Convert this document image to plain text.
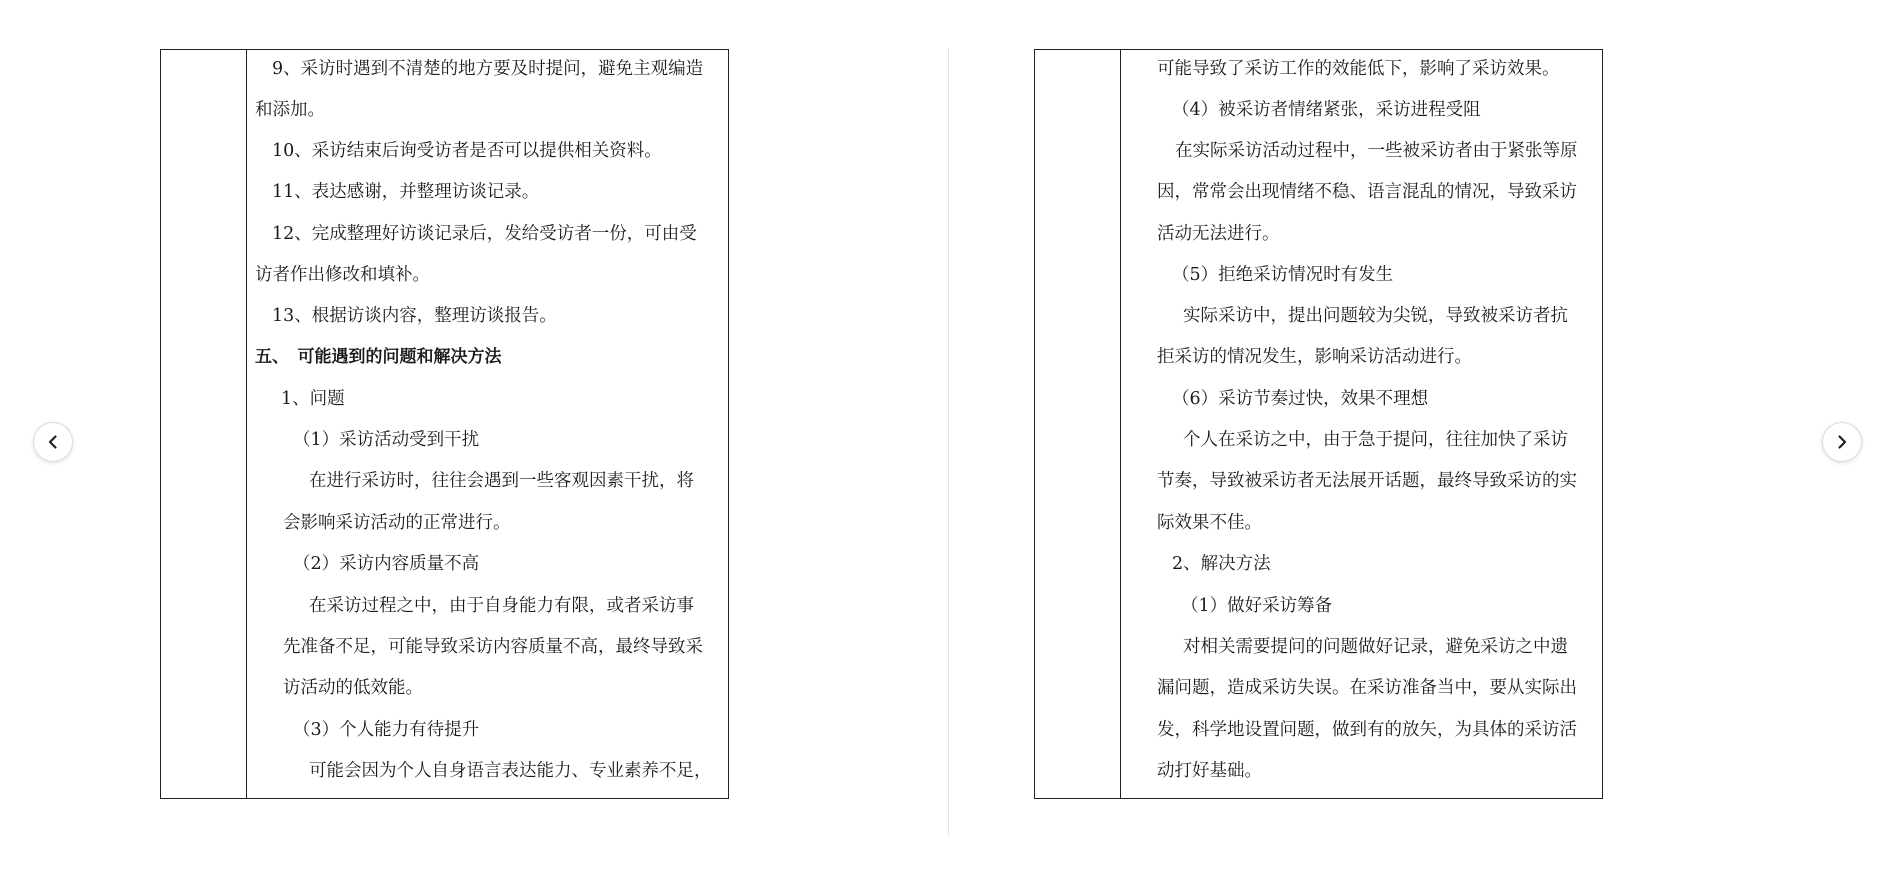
9、采访时遇到不清楚的地方要及时提问，避免主观编造
和添加。
10、采访结束后询受访者是否可以提供相关资料。
11、表达感谢，并整理访谈记录。
12、完成整理好访谈记录后，发给受访者一份，可由受
访者作出修改和填补。
13、根据访谈内容，整理访谈报告。
五、　可能遇到的问题和解决方法
1、问题
（1）采访活动受到干扰
在进行采访时，往往会遇到一些客观因素干扰，将
会影响采访活动的正常进行。
（2）采访内容质量不高
在采访过程之中，由于自身能力有限，或者采访事
先准备不足，可能导致采访内容质量不高，最终导致采
访活动的低效能。
（3）个人能力有待提升
可能会因为个人自身语言表达能力、专业素养不足，
可能导致了采访工作的效能低下，影响了采访效果。
（4）被采访者情绪紧张，采访进程受阻
在实际采访活动过程中，一些被采访者由于紧张等原
因，常常会出现情绪不稳、语言混乱的情况，导致采访
活动无法进行。
（5）拒绝采访情况时有发生
实际采访中，提出问题较为尖锐，导致被采访者抗
拒采访的情况发生，影响采访活动进行。
（6）采访节奏过快，效果不理想
个人在采访之中，由于急于提问，往往加快了采访
节奏，导致被采访者无法展开话题，最终导致采访的实
际效果不佳。
2、解决方法
（1）做好采访筹备
对相关需要提问的问题做好记录，避免采访之中遗
漏问题，造成采访失误。在采访准备当中，要从实际出
发，科学地设置问题，做到有的放矢，为具体的采访活
动打好基础。
